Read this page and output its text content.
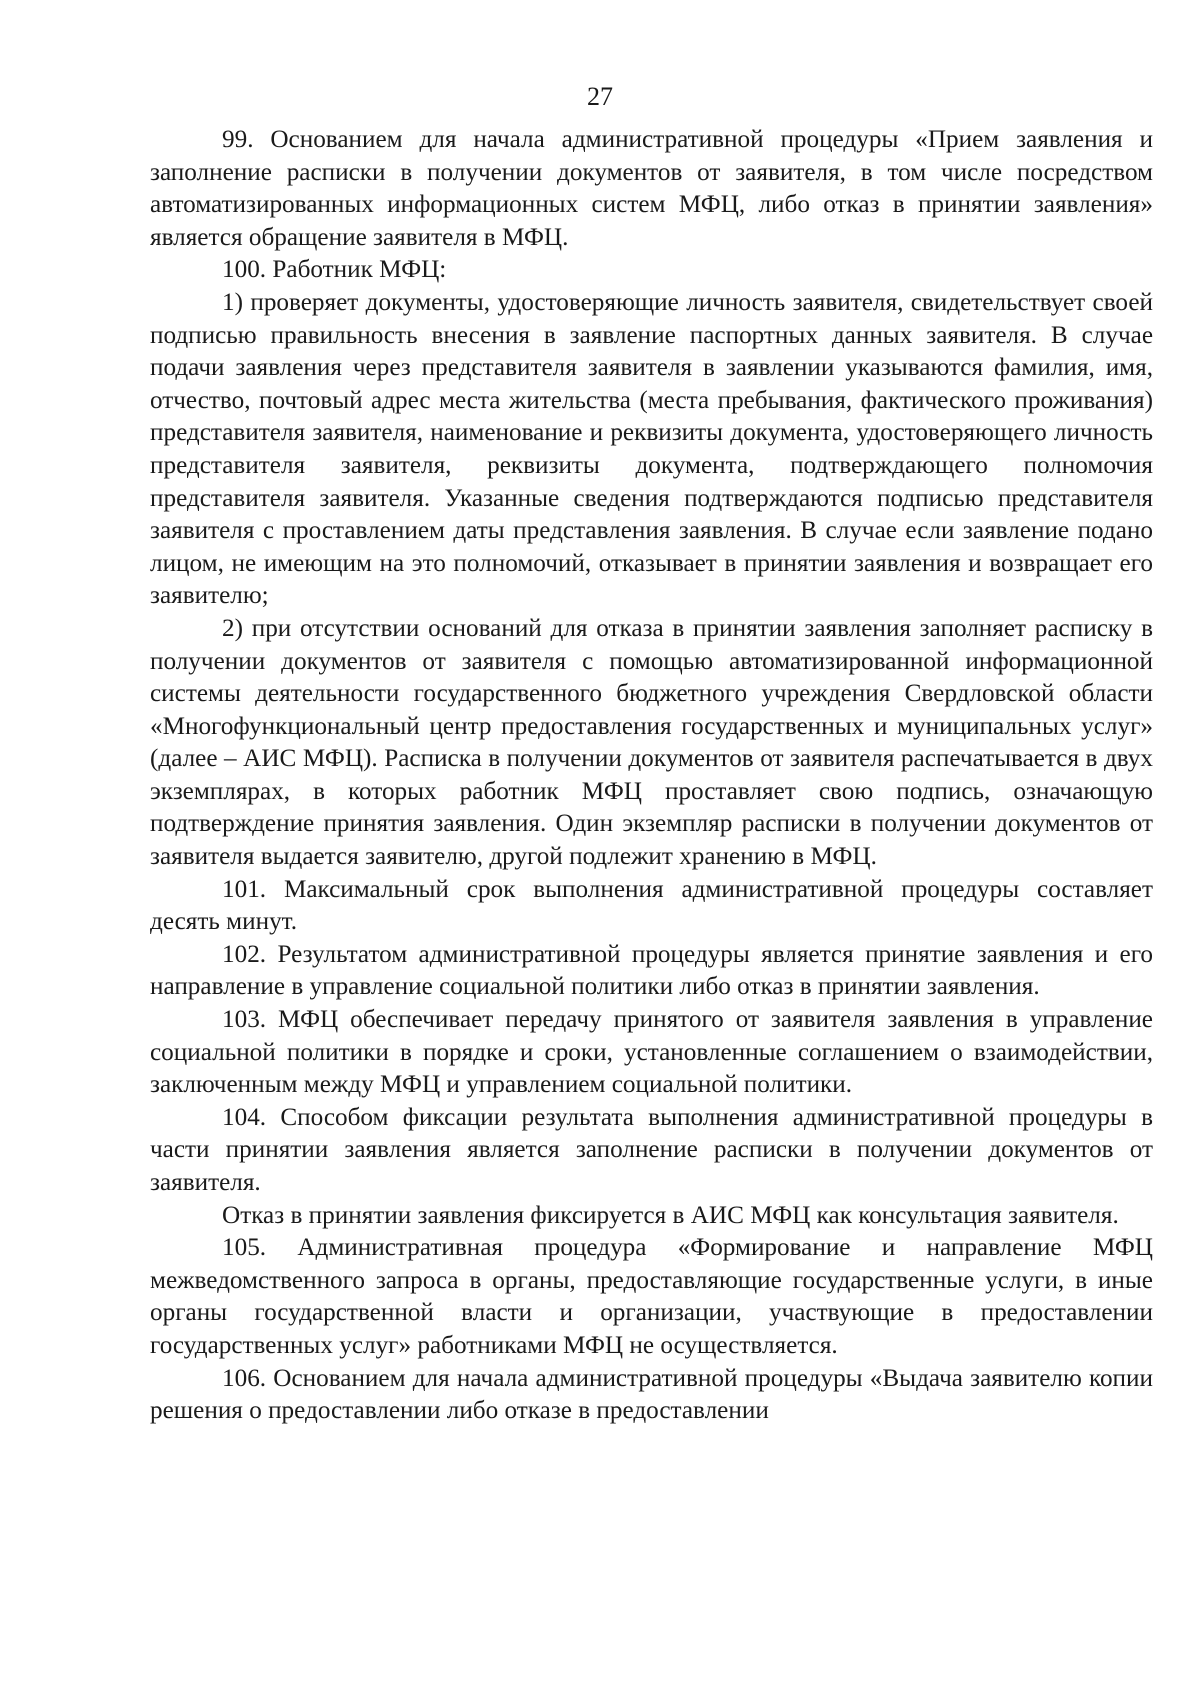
27

99. Основанием для начала административной процедуры «Прием заявления и заполнение расписки в получении документов от заявителя, в том числе посредством автоматизированных информационных систем МФЦ, либо отказ в принятии заявления» является обращение заявителя в МФЦ.

100. Работник МФЦ:

1) проверяет документы, удостоверяющие личность заявителя, свидетельствует своей подписью правильность внесения в заявление паспортных данных заявителя. В случае подачи заявления через представителя заявителя в заявлении указываются фамилия, имя, отчество, почтовый адрес места жительства (места пребывания, фактического проживания) представителя заявителя, наименование и реквизиты документа, удостоверяющего личность представителя заявителя, реквизиты документа, подтверждающего полномочия представителя заявителя. Указанные сведения подтверждаются подписью представителя заявителя с проставлением даты представления заявления. В случае если заявление подано лицом, не имеющим на это полномочий, отказывает в принятии заявления и возвращает его заявителю;

2) при отсутствии оснований для отказа в принятии заявления заполняет расписку в получении документов от заявителя с помощью автоматизированной информационной системы деятельности государственного бюджетного учреждения Свердловской области «Многофункциональный центр предоставления государственных и муниципальных услуг» (далее – АИС МФЦ). Расписка в получении документов от заявителя распечатывается в двух экземплярах, в которых работник МФЦ проставляет свою подпись, означающую подтверждение принятия заявления. Один экземпляр расписки в получении документов от заявителя выдается заявителю, другой подлежит хранению в МФЦ.

101. Максимальный срок выполнения административной процедуры составляет десять минут.

102. Результатом административной процедуры является принятие заявления и его направление в управление социальной политики либо отказ в принятии заявления.

103. МФЦ обеспечивает передачу принятого от заявителя заявления в управление социальной политики в порядке и сроки, установленные соглашением о взаимодействии, заключенным между МФЦ и управлением социальной политики.

104. Способом фиксации результата выполнения административной процедуры в части принятии заявления является заполнение расписки в получении документов от заявителя.

Отказ в принятии заявления фиксируется в АИС МФЦ как консультация заявителя.

105. Административная процедура «Формирование и направление МФЦ межведомственного запроса в органы, предоставляющие государственные услуги, в иные органы государственной власти и организации, участвующие в предоставлении государственных услуг» работниками МФЦ не осуществляется.

106. Основанием для начала административной процедуры «Выдача заявителю копии решения о предоставлении либо отказе в предоставлении
